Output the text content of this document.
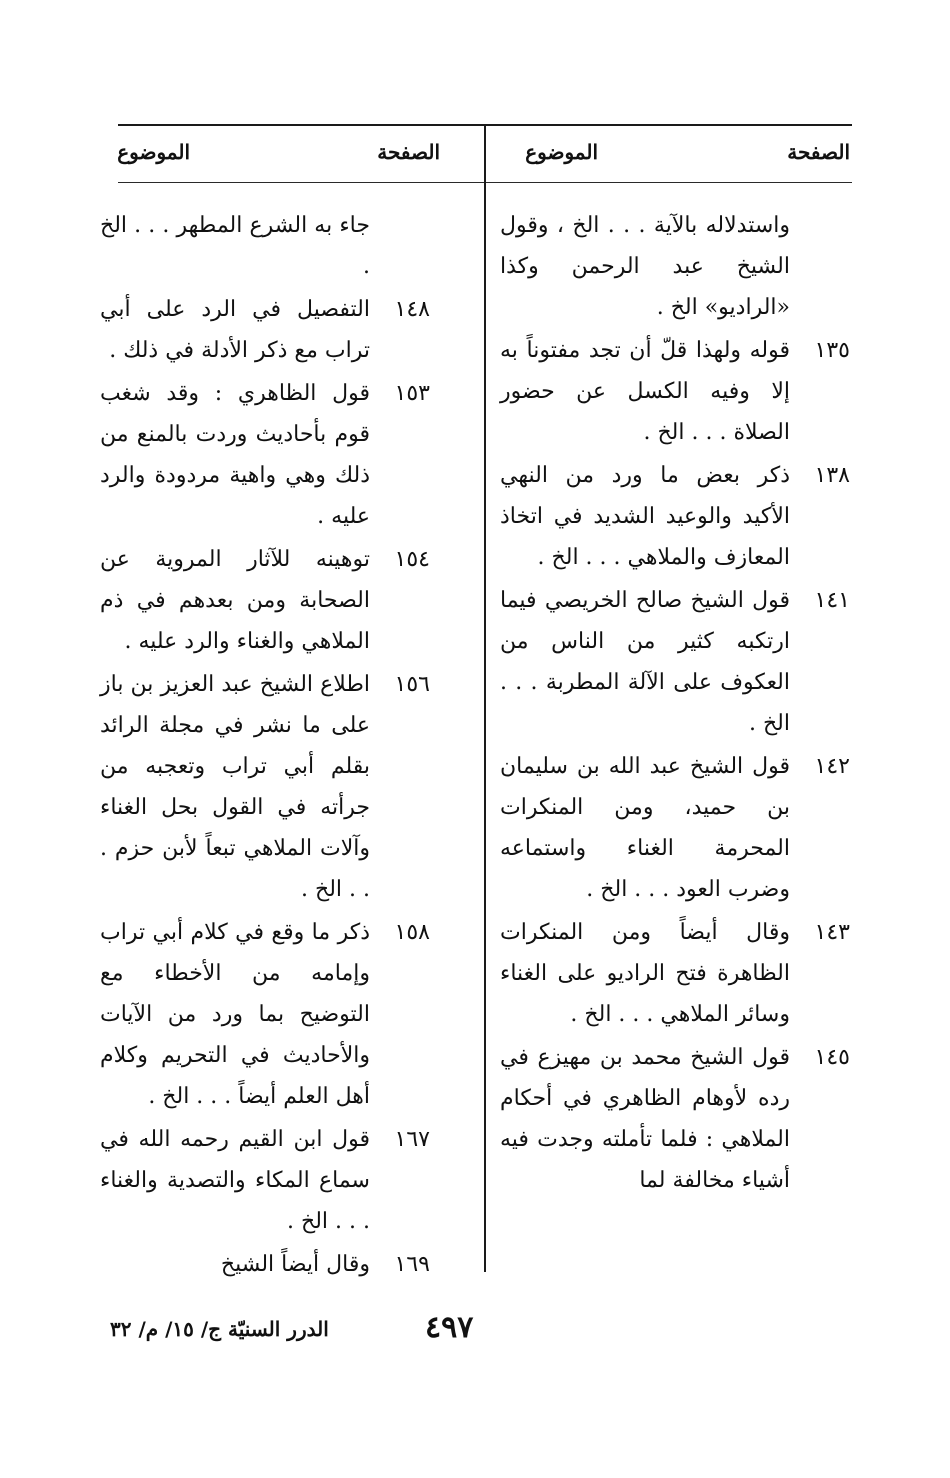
الصفحة
الموضوع
الصفحة
الموضوع
واستدلاله بالآية . . . الخ ، وقول الشيخ عبد الرحمن وكذا «الراديو» الخ .
١٣٥
قوله ولهذا قلّ أن تجد مفتوناً به إلا وفيه الكسل عن حضور الصلاة . . . الخ .
١٣٨
ذكر بعض ما ورد من النهي الأكيد والوعيد الشديد في اتخاذ المعازف والملاهي . . . الخ .
١٤١
قول الشيخ صالح الخريصي فيما ارتكبه كثير من الناس من العكوف على الآلة المطربة . . . الخ .
١٤٢
قول الشيخ عبد الله بن سليمان بن حميد، ومن المنكرات المحرمة الغناء واستماعه وضرب العود . . . الخ .
١٤٣
وقال أيضاً ومن المنكرات الظاهرة فتح الراديو على الغناء وسائر الملاهي . . . الخ .
١٤٥
قول الشيخ محمد بن مهيزع في رده لأوهام الظاهري في أحكام الملاهي : فلما تأملته وجدت فيه أشياء مخالفة لما
جاء به الشرع المطهر . . . الخ .
١٤٨
التفصيل في الرد على أبي تراب مع ذكر الأدلة في ذلك .
١٥٣
قول الظاهري : وقد شغب قوم بأحاديث وردت بالمنع من ذلك وهي واهية مردودة والرد عليه .
١٥٤
توهينه للآثار المروية عن الصحابة ومن بعدهم في ذم الملاهي والغناء والرد عليه .
١٥٦
اطلاع الشيخ عبد العزيز بن باز على ما نشر في مجلة الرائد بقلم أبي تراب وتعجبه من جرأته في القول بحل الغناء وآلات الملاهي تبعاً لأبن حزم . . . الخ .
١٥٨
ذكر ما وقع في كلام أبي تراب وإمامه من الأخطاء مع التوضيح بما ورد من الآيات والأحاديث في التحريم وكلام أهل العلم أيضاً . . . الخ .
١٦٧
قول ابن القيم رحمه الله في سماع المكاء والتصدية والغناء . . . الخ .
١٦٩
وقال أيضاً الشيخ
٤٩٧
الدرر السنيّة ج/ ١٥/ م/ ٣٢
